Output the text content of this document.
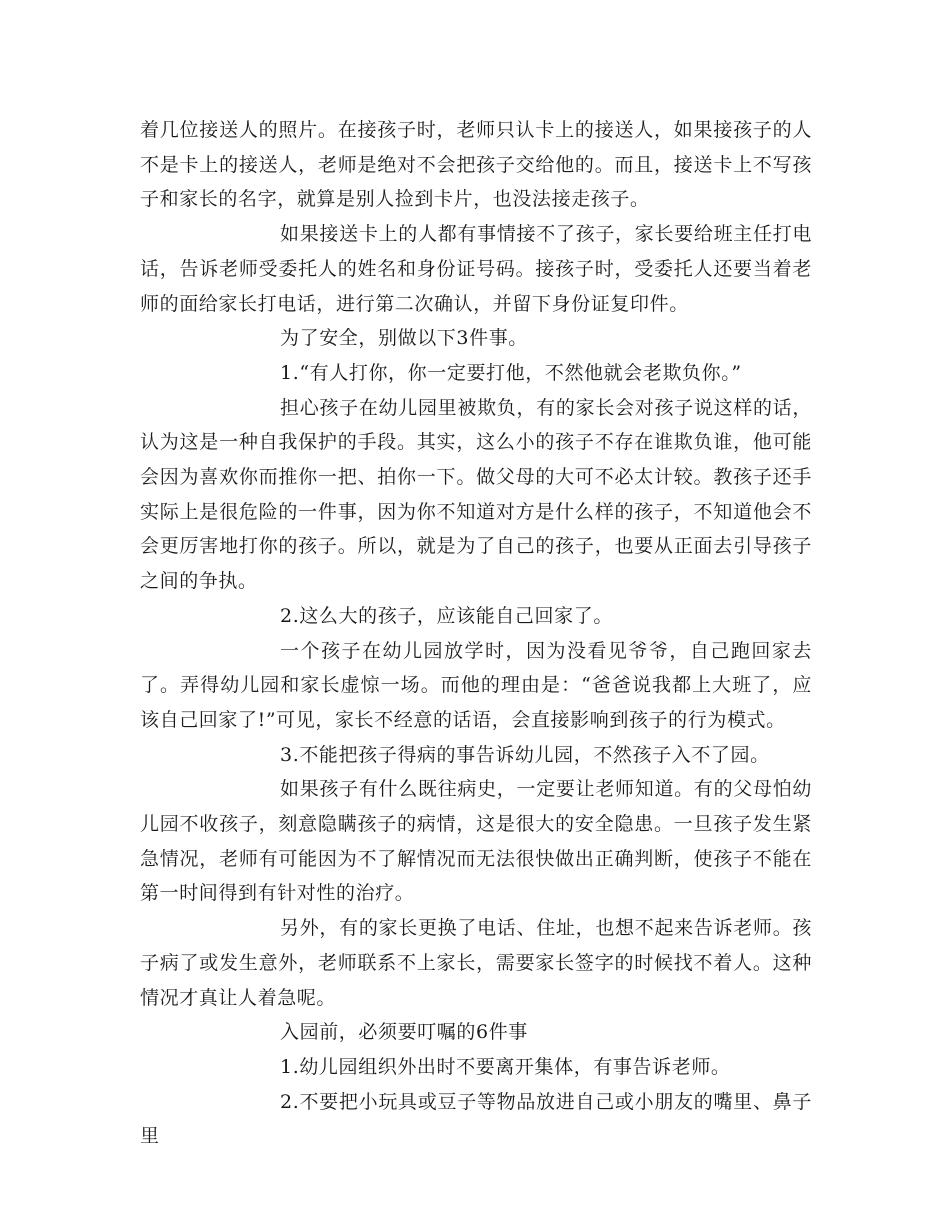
着几位接送人的照片。在接孩子时，老师只认卡上的接送人，如果接孩子的人不是卡上的接送人，老师是绝对不会把孩子交给他的。而且，接送卡上不写孩子和家长的名字，就算是别人捡到卡片，也没法接走孩子。

如果接送卡上的人都有事情接不了孩子，家长要给班主任打电话，告诉老师受委托人的姓名和身份证号码。接孩子时，受委托人还要当着老师的面给家长打电话，进行第二次确认，并留下身份证复印件。

为了安全，别做以下3件事。

1.“有人打你，你一定要打他，不然他就会老欺负你。”

担心孩子在幼儿园里被欺负，有的家长会对孩子说这样的话，认为这是一种自我保护的手段。其实，这么小的孩子不存在谁欺负谁，他可能会因为喜欢你而推你一把、拍你一下。做父母的大可不必太计较。教孩子还手实际上是很危险的一件事，因为你不知道对方是什么样的孩子，不知道他会不会更厉害地打你的孩子。所以，就是为了自己的孩子，也要从正面去引导孩子之间的争执。

2.这么大的孩子，应该能自己回家了。

一个孩子在幼儿园放学时，因为没看见爷爷，自己跑回家去了。弄得幼儿园和家长虚惊一场。而他的理由是：“爸爸说我都上大班了，应该自己回家了!”可见，家长不经意的话语，会直接影响到孩子的行为模式。

3.不能把孩子得病的事告诉幼儿园，不然孩子入不了园。

如果孩子有什么既往病史，一定要让老师知道。有的父母怕幼儿园不收孩子，刻意隐瞒孩子的病情，这是很大的安全隐患。一旦孩子发生紧急情况，老师有可能因为不了解情况而无法很快做出正确判断，使孩子不能在第一时间得到有针对性的治疗。

另外，有的家长更换了电话、住址，也想不起来告诉老师。孩子病了或发生意外，老师联系不上家长，需要家长签字的时候找不着人。这种情况才真让人着急呢。

入园前，必须要叮嘱的6件事

1.幼儿园组织外出时不要离开集体，有事告诉老师。

2.不要把小玩具或豆子等物品放进自己或小朋友的嘴里、鼻子里
